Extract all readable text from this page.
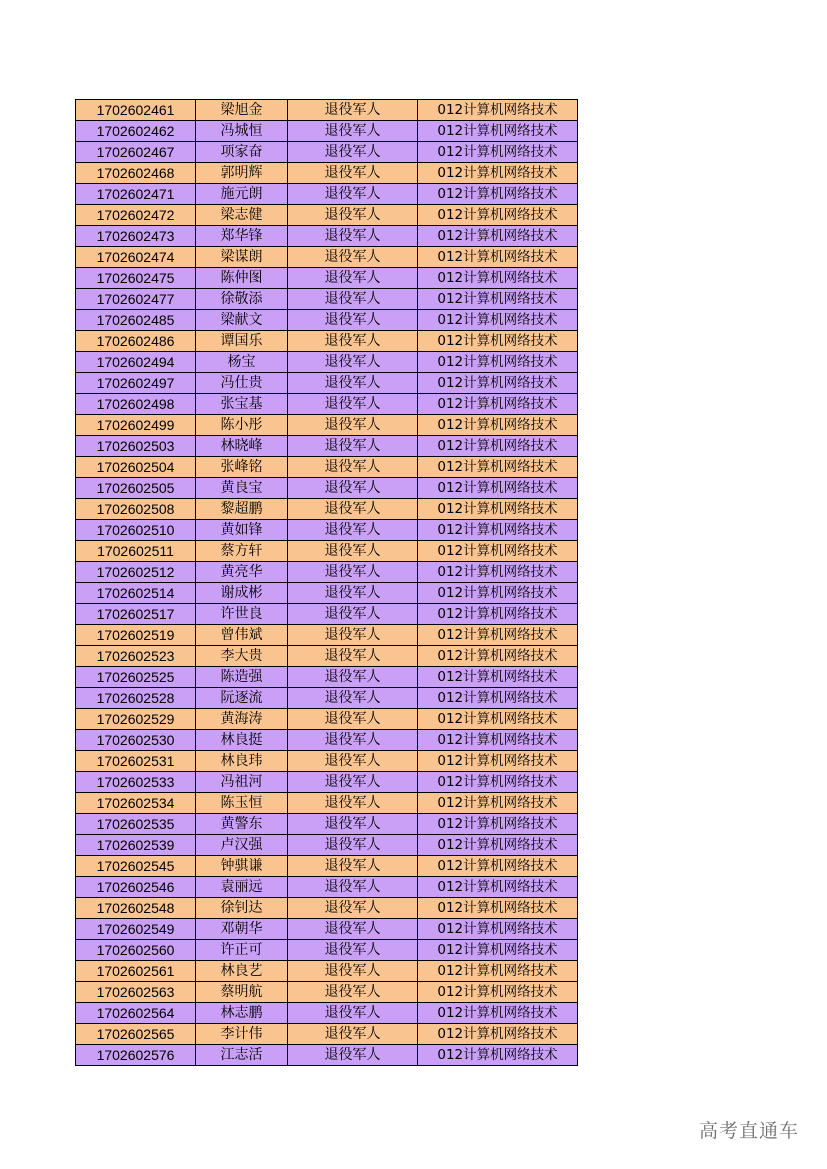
1702602461	梁旭金	退役军人	012计算机网络技术
1702602462	冯城恒	退役军人	012计算机网络技术
1702602467	项家奋	退役军人	012计算机网络技术
1702602468	郭明辉	退役军人	012计算机网络技术
1702602471	施元朗	退役军人	012计算机网络技术
1702602472	梁志健	退役军人	012计算机网络技术
1702602473	郑华锋	退役军人	012计算机网络技术
1702602474	梁谋朗	退役军人	012计算机网络技术
1702602475	陈仲图	退役军人	012计算机网络技术
1702602477	徐敬添	退役军人	012计算机网络技术
1702602485	梁献文	退役军人	012计算机网络技术
1702602486	谭国乐	退役军人	012计算机网络技术
1702602494	杨宝	退役军人	012计算机网络技术
1702602497	冯仕贵	退役军人	012计算机网络技术
1702602498	张宝基	退役军人	012计算机网络技术
1702602499	陈小彤	退役军人	012计算机网络技术
1702602503	林晓峰	退役军人	012计算机网络技术
1702602504	张峰铭	退役军人	012计算机网络技术
1702602505	黄良宝	退役军人	012计算机网络技术
1702602508	黎超鹏	退役军人	012计算机网络技术
1702602510	黄如锋	退役军人	012计算机网络技术
1702602511	蔡方轩	退役军人	012计算机网络技术
1702602512	黄亮华	退役军人	012计算机网络技术
1702602514	谢成彬	退役军人	012计算机网络技术
1702602517	许世良	退役军人	012计算机网络技术
1702602519	曾伟斌	退役军人	012计算机网络技术
1702602523	李大贵	退役军人	012计算机网络技术
1702602525	陈造强	退役军人	012计算机网络技术
1702602528	阮逐流	退役军人	012计算机网络技术
1702602529	黄海涛	退役军人	012计算机网络技术
1702602530	林良挺	退役军人	012计算机网络技术
1702602531	林良玮	退役军人	012计算机网络技术
1702602533	冯祖河	退役军人	012计算机网络技术
1702602534	陈玉恒	退役军人	012计算机网络技术
1702602535	黄警东	退役军人	012计算机网络技术
1702602539	卢汉强	退役军人	012计算机网络技术
1702602545	钟骐谦	退役军人	012计算机网络技术
1702602546	袁丽远	退役军人	012计算机网络技术
1702602548	徐钊达	退役军人	012计算机网络技术
1702602549	邓朝华	退役军人	012计算机网络技术
1702602560	许正可	退役军人	012计算机网络技术
1702602561	林良艺	退役军人	012计算机网络技术
1702602563	蔡明航	退役军人	012计算机网络技术
1702602564	林志鹏	退役军人	012计算机网络技术
1702602565	李计伟	退役军人	012计算机网络技术
1702602576	江志活	退役军人	012计算机网络技术
高考直通车
